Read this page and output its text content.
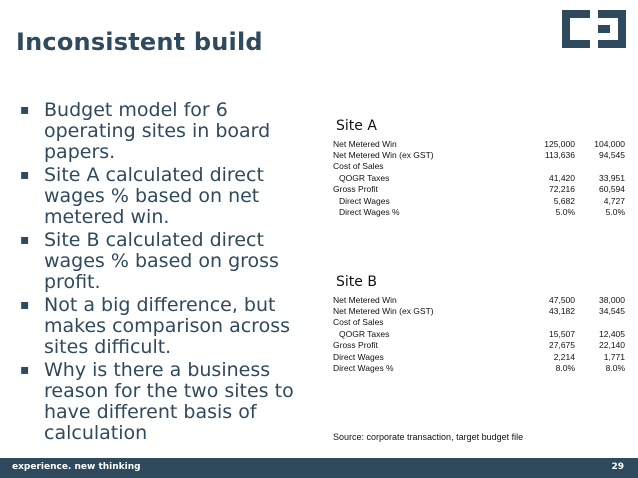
Inconsistent build
▪ Budget model for 6 operating sites in board papers.
▪ Site A calculated direct wages % based on net metered win.
▪ Site B calculated direct wages % based on gross profit.
▪ Not a big difference, but makes comparison across sites difficult.
▪ Why is there a business reason for the two sites to have different basis of calculation
Site A
Net Metered Win	125,000	104,000
Net Metered Win (ex GST)	113,636	94,545
Cost of Sales		
QOGR Taxes	41,420	33,951
Gross Profit	72,216	60,594
Direct Wages	5,682	4,727
Direct Wages %	5.0%	5.0%
Site B
Net Metered Win	47,500	38,000
Net Metered Win (ex GST)	43,182	34,545
Cost of Sales		
QOGR Taxes	15,507	12,405
Gross Profit	27,675	22,140
Direct Wages	2,214	1,771
Direct Wages %	8.0%	8.0%
Source: corporate transaction, target budget file
experience. new thinking	29
